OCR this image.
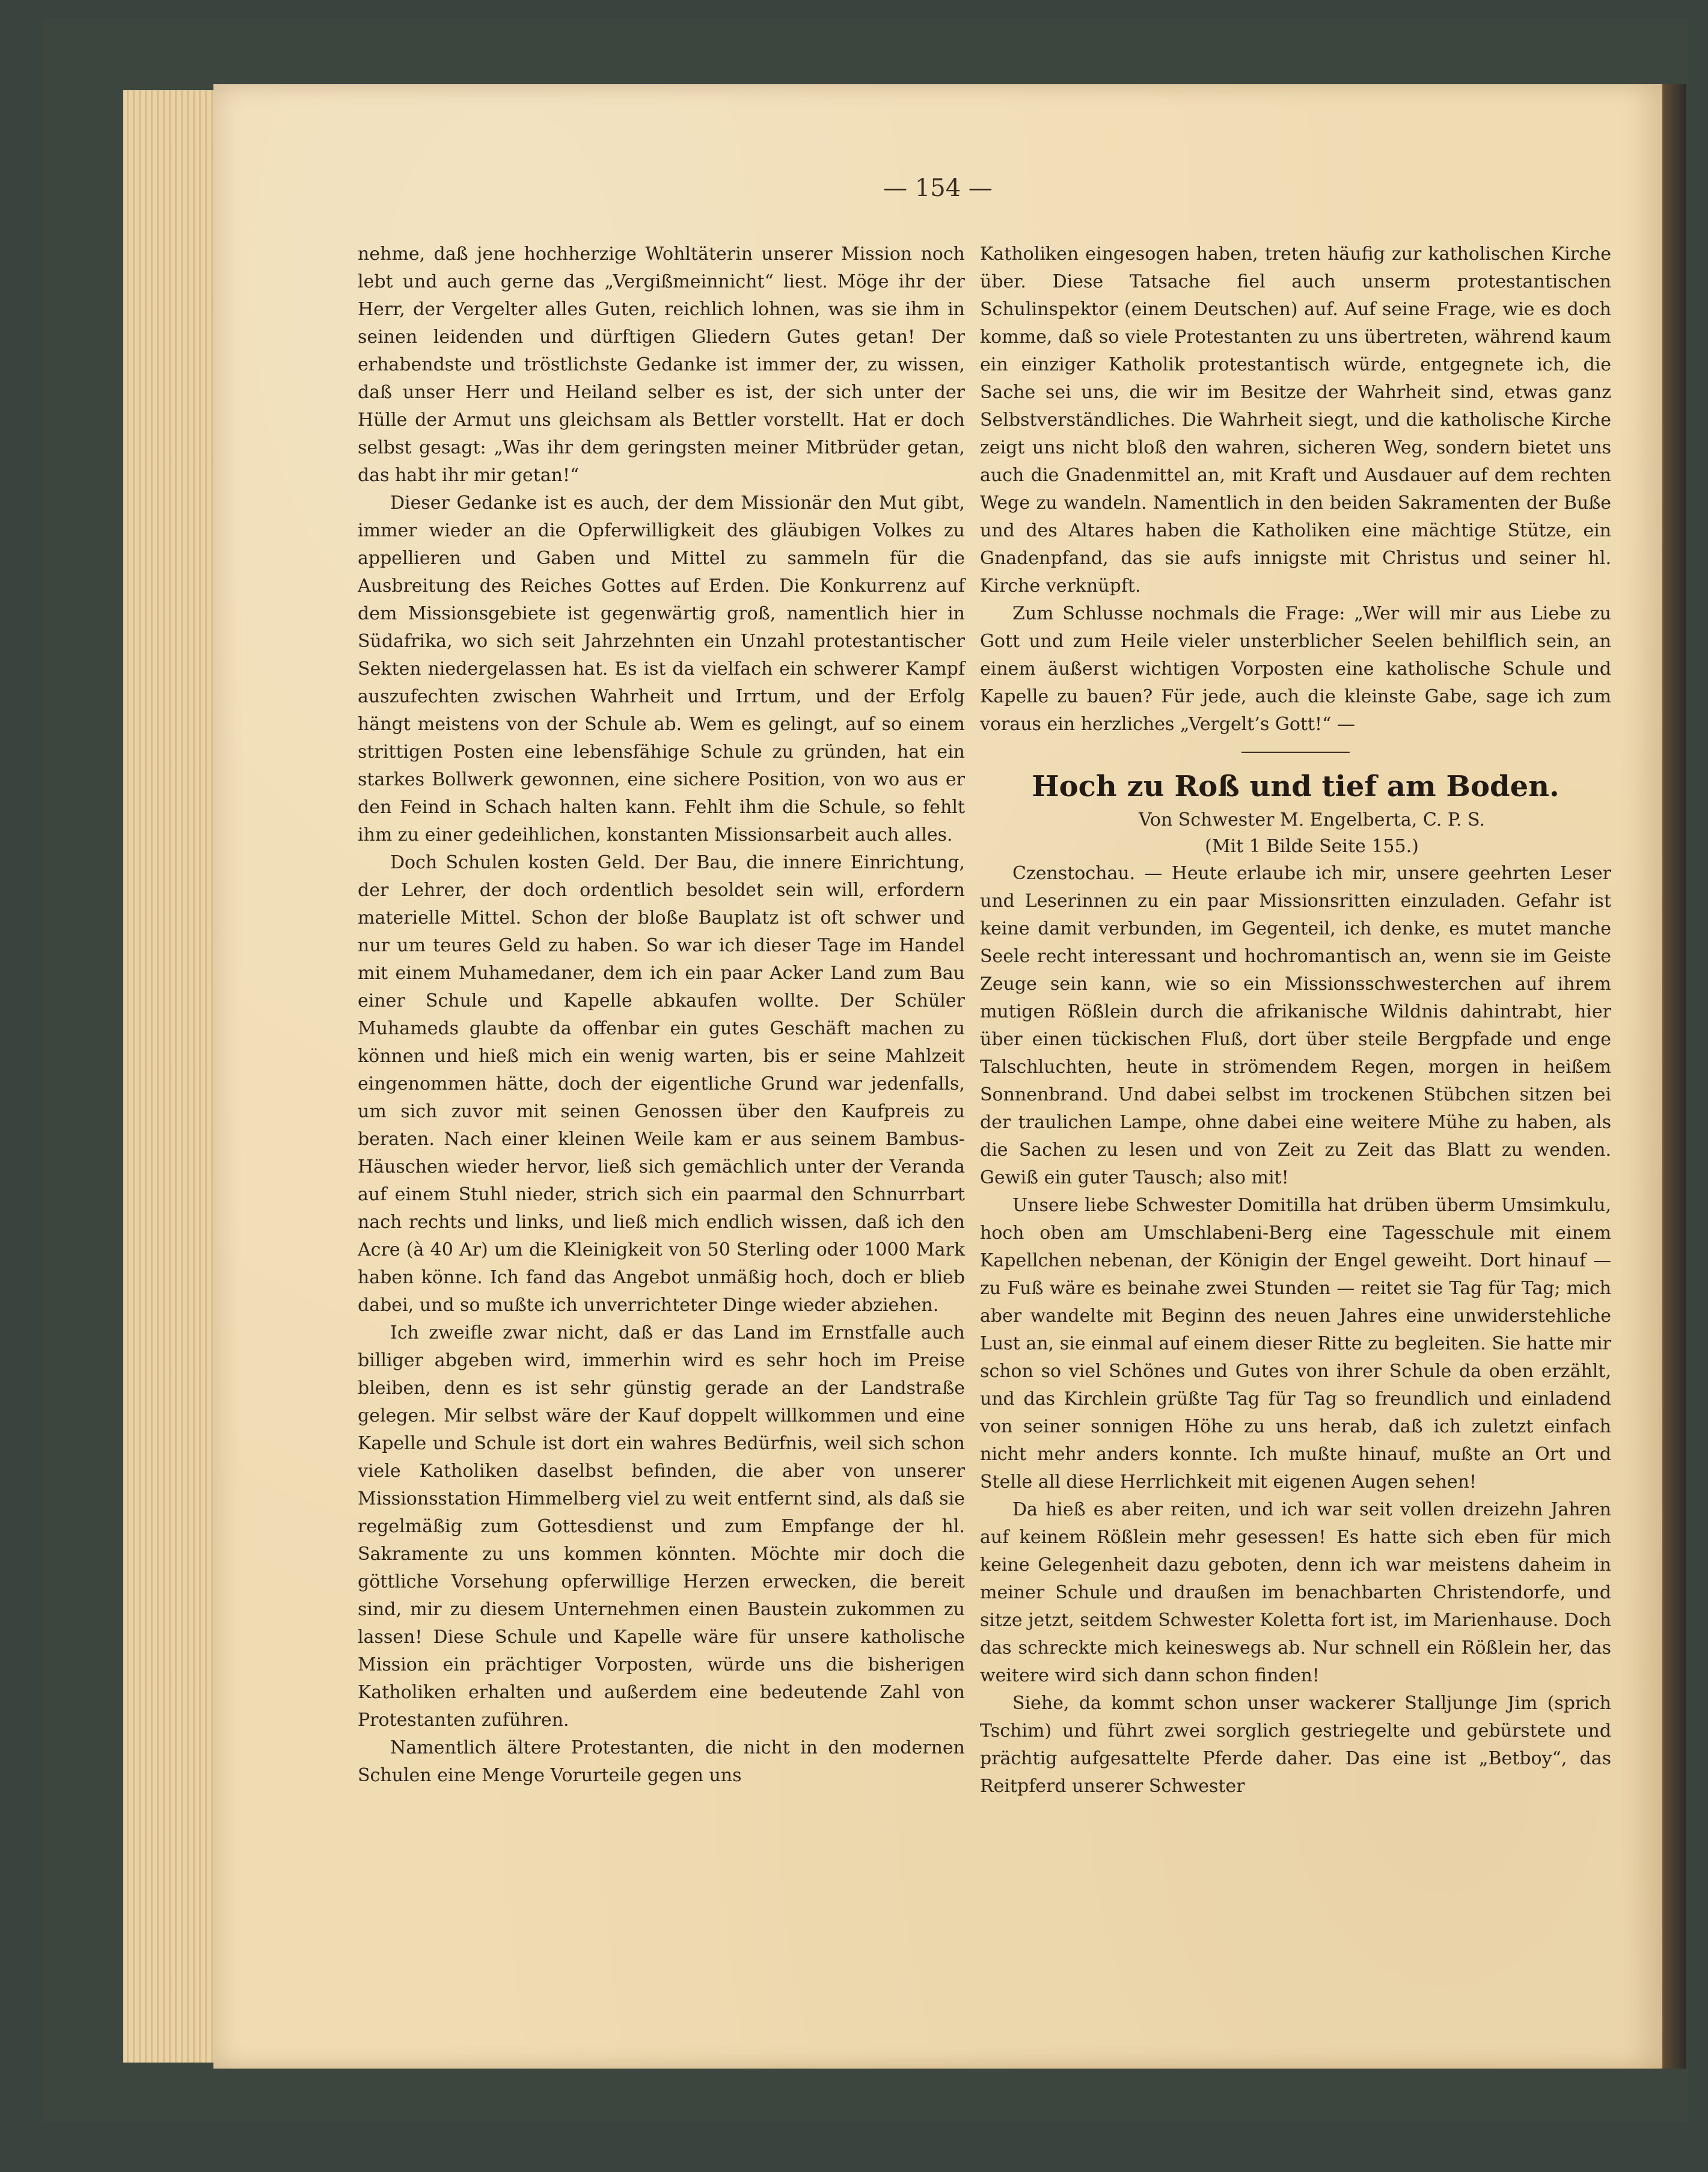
— 154 —

nehme, daß jene hochherzige Wohltäterin unserer Mission noch lebt und auch gerne das „Vergißmeinnicht“ liest. Möge ihr der Herr, der Vergelter alles Guten, reichlich lohnen, was sie ihm in seinen leidenden und dürftigen Gliedern Gutes getan! Der erhabendste und tröstlichste Gedanke ist immer der, zu wissen, daß unser Herr und Heiland selber es ist, der sich unter der Hülle der Armut uns gleichsam als Bettler vorstellt. Hat er doch selbst gesagt: „Was ihr dem geringsten meiner Mitbrüder getan, das habt ihr mir getan!“

Dieser Gedanke ist es auch, der dem Missionär den Mut gibt, immer wieder an die Opferwilligkeit des gläubigen Volkes zu appellieren und Gaben und Mittel zu sammeln für die Ausbreitung des Reiches Gottes auf Erden. Die Konkurrenz auf dem Missionsgebiete ist gegenwärtig groß, namentlich hier in Südafrika, wo sich seit Jahrzehnten ein Unzahl protestantischer Sekten niedergelassen hat. Es ist da vielfach ein schwerer Kampf auszufechten zwischen Wahrheit und Irrtum, und der Erfolg hängt meistens von der Schule ab. Wem es gelingt, auf so einem strittigen Posten eine lebensfähige Schule zu gründen, hat ein starkes Bollwerk gewonnen, eine sichere Position, von wo aus er den Feind in Schach halten kann. Fehlt ihm die Schule, so fehlt ihm zu einer gedeihlichen, konstanten Missionsarbeit auch alles.

Doch Schulen kosten Geld. Der Bau, die innere Einrichtung, der Lehrer, der doch ordentlich besoldet sein will, erfordern materielle Mittel. Schon der bloße Bauplatz ist oft schwer und nur um teures Geld zu haben. So war ich dieser Tage im Handel mit einem Muhamedaner, dem ich ein paar Acker Land zum Bau einer Schule und Kapelle abkaufen wollte. Der Schüler Muhameds glaubte da offenbar ein gutes Geschäft machen zu können und hieß mich ein wenig warten, bis er seine Mahlzeit eingenommen hätte, doch der eigentliche Grund war jedenfalls, um sich zuvor mit seinen Genossen über den Kaufpreis zu beraten. Nach einer kleinen Weile kam er aus seinem Bambus-Häuschen wieder hervor, ließ sich gemächlich unter der Veranda auf einem Stuhl nieder, strich sich ein paarmal den Schnurrbart nach rechts und links, und ließ mich endlich wissen, daß ich den Acre (à 40 Ar) um die Kleinigkeit von 50 Sterling oder 1000 Mark haben könne. Ich fand das Angebot unmäßig hoch, doch er blieb dabei, und so mußte ich unverrichteter Dinge wieder abziehen.

Ich zweifle zwar nicht, daß er das Land im Ernstfalle auch billiger abgeben wird, immerhin wird es sehr hoch im Preise bleiben, denn es ist sehr günstig gerade an der Landstraße gelegen. Mir selbst wäre der Kauf doppelt willkommen und eine Kapelle und Schule ist dort ein wahres Bedürfnis, weil sich schon viele Katholiken daselbst befinden, die aber von unserer Missionsstation Himmelberg viel zu weit entfernt sind, als daß sie regelmäßig zum Gottesdienst und zum Empfange der hl. Sakramente zu uns kommen könnten. Möchte mir doch die göttliche Vorsehung opferwillige Herzen erwecken, die bereit sind, mir zu diesem Unternehmen einen Baustein zukommen zu lassen! Diese Schule und Kapelle wäre für unsere katholische Mission ein prächtiger Vorposten, würde uns die bisherigen Katholiken erhalten und außerdem eine bedeutende Zahl von Protestanten zuführen.

Namentlich ältere Protestanten, die nicht in den modernen Schulen eine Menge Vorurteile gegen uns

Katholiken eingesogen haben, treten häufig zur katholischen Kirche über. Diese Tatsache fiel auch unserm protestantischen Schulinspektor (einem Deutschen) auf. Auf seine Frage, wie es doch komme, daß so viele Protestanten zu uns übertreten, während kaum ein einziger Katholik protestantisch würde, entgegnete ich, die Sache sei uns, die wir im Besitze der Wahrheit sind, etwas ganz Selbstverständliches. Die Wahrheit siegt, und die katholische Kirche zeigt uns nicht bloß den wahren, sicheren Weg, sondern bietet uns auch die Gnadenmittel an, mit Kraft und Ausdauer auf dem rechten Wege zu wandeln. Namentlich in den beiden Sakramenten der Buße und des Altares haben die Katholiken eine mächtige Stütze, ein Gnadenpfand, das sie aufs innigste mit Christus und seiner hl. Kirche verknüpft.

Zum Schlusse nochmals die Frage: „Wer will mir aus Liebe zu Gott und zum Heile vieler unsterblicher Seelen behilflich sein, an einem äußerst wichtigen Vorposten eine katholische Schule und Kapelle zu bauen? Für jede, auch die kleinste Gabe, sage ich zum voraus ein herzliches „Vergelt’s Gott!“ —

Hoch zu Roß und tief am Boden.

Von Schwester M. Engelberta, C. P. S.

(Mit 1 Bilde Seite 155.)

Czenstochau. — Heute erlaube ich mir, unsere geehrten Leser und Leserinnen zu ein paar Missionsritten einzuladen. Gefahr ist keine damit verbunden, im Gegenteil, ich denke, es mutet manche Seele recht interessant und hochromantisch an, wenn sie im Geiste Zeuge sein kann, wie so ein Missionsschwesterchen auf ihrem mutigen Rößlein durch die afrikanische Wildnis dahintrabt, hier über einen tückischen Fluß, dort über steile Bergpfade und enge Talschluchten, heute in strömendem Regen, morgen in heißem Sonnenbrand. Und dabei selbst im trockenen Stübchen sitzen bei der traulichen Lampe, ohne dabei eine weitere Mühe zu haben, als die Sachen zu lesen und von Zeit zu Zeit das Blatt zu wenden. Gewiß ein guter Tausch; also mit!

Unsere liebe Schwester Domitilla hat drüben überm Umsimkulu, hoch oben am Umschlabeni-Berg eine Tagesschule mit einem Kapellchen nebenan, der Königin der Engel geweiht. Dort hinauf — zu Fuß wäre es beinahe zwei Stunden — reitet sie Tag für Tag; mich aber wandelte mit Beginn des neuen Jahres eine unwiderstehliche Lust an, sie einmal auf einem dieser Ritte zu begleiten. Sie hatte mir schon so viel Schönes und Gutes von ihrer Schule da oben erzählt, und das Kirchlein grüßte Tag für Tag so freundlich und einladend von seiner sonnigen Höhe zu uns herab, daß ich zuletzt einfach nicht mehr anders konnte. Ich mußte hinauf, mußte an Ort und Stelle all diese Herrlichkeit mit eigenen Augen sehen!

Da hieß es aber reiten, und ich war seit vollen dreizehn Jahren auf keinem Rößlein mehr gesessen! Es hatte sich eben für mich keine Gelegenheit dazu geboten, denn ich war meistens daheim in meiner Schule und draußen im benachbarten Christendorfe, und sitze jetzt, seitdem Schwester Koletta fort ist, im Marienhause. Doch das schreckte mich keineswegs ab. Nur schnell ein Rößlein her, das weitere wird sich dann schon finden!

Siehe, da kommt schon unser wackerer Stalljunge Jim (sprich Tschim) und führt zwei sorglich gestriegelte und gebürstete und prächtig aufgesattelte Pferde daher. Das eine ist „Betboy“, das Reitpferd unserer Schwester
